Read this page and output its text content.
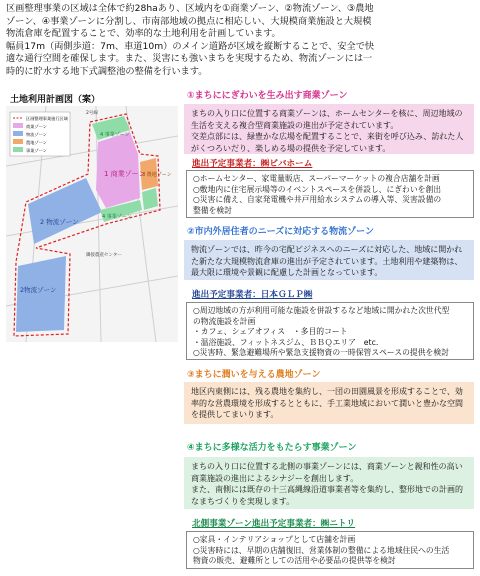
区画整理事業の区域は全体で約28haあり、区域内を①商業ゾーン、②物流ゾーン、③農地

ゾーン、④事業ゾーンに分割し、市南部地域の拠点に相応しい、大規模商業施設と大規模

物流倉庫を配置することで、効率的な土地利用を計画しています。

幅員17m（両側歩道：7m、車道10m）のメイン道路が区域を縦断することで、安全で快

適な通行空間を確保します。また、災害にも強いまちを実現するため、物流ゾーンには一

時的に貯水する地下式調整池の整備を行います。

土地利用計画図（案）
区画整理事業施行区域
商業ゾーン
物流ゾーン
農地ゾーン
事業ゾーン
1 商業ゾーン
4 事業ゾーン
3 農地ゾーン
4 事業ゾーン
2 物流ゾーン
2物流ゾーン
2号線
隣接農産センター
①まちににぎわいを生み出す商業ゾーン
まちの入り口に位置する商業ゾーンは、ホームセンターを核に、周辺地域の
生活を支える複合型商業施設の進出が予定されています。
交差点部には、緑豊かな広場を配置することで、来街を呼び込み、訪れた人
がくつろいだり、楽しめる場の提供を予定しています。
進出予定事業者：㈱ビバホーム
○ホームセンター、家電量販店、スーパーマーケットの複合店舗を計画
○敷地内に住宅展示場等のイベントスペースを併設し、にぎわいを創出
○災害に備え、自家発電機や井戸用給水システムの導入等、災害設備の
整備を検討
②市内外居住者のニーズに対応する物流ゾーン
物流ゾーンでは、昨今の宅配ビジネスへのニーズに対応した、地域に開かれ
た新たな大規模物流倉庫の進出が予定されています。土地利用や建築物は、
最大限に環境や景観に配慮した計画となっています。
進出予定事業者：日本ＧＬＰ㈱
○周辺地域の方が利用可能な施設を併設するなど地域に開かれた次世代型
の物流施設を計画
・カフェ、シェアオフィス　・多目的コート
・温浴施設、フィットネスジム、ＢＢＱエリア　etc.
○災害時、緊急避難場所や緊急支援物資の一時保管スペースの提供を検討
③まちに潤いを与える農地ゾーン
地区内東側には、残る農地を集約し、一団の田園風景を形成することで、効
率的な営農環境を形成するとともに、手工業地域において潤いと豊かな空間
を提供してまいります。
④まちに多様な活力をもたらす事業ゾーン
まちの入り口に位置する北側の事業ゾーンには、商業ゾーンと親和性の高い
商業施設の進出によるシナジーを創出します。
また、南側には既存の十三高縄線沿道事業者等を集約し、整形地での計画的
なまちづくりを実現します。
北側事業ゾーン進出予定事業者：㈱ニトリ
○家具・インテリアショップとして店舗を計画
○災害時には、早期の店舗復旧、営業体制の整備による地域住民への生活
物資の販売、避難所としての活用や必要品の提供等を検討
